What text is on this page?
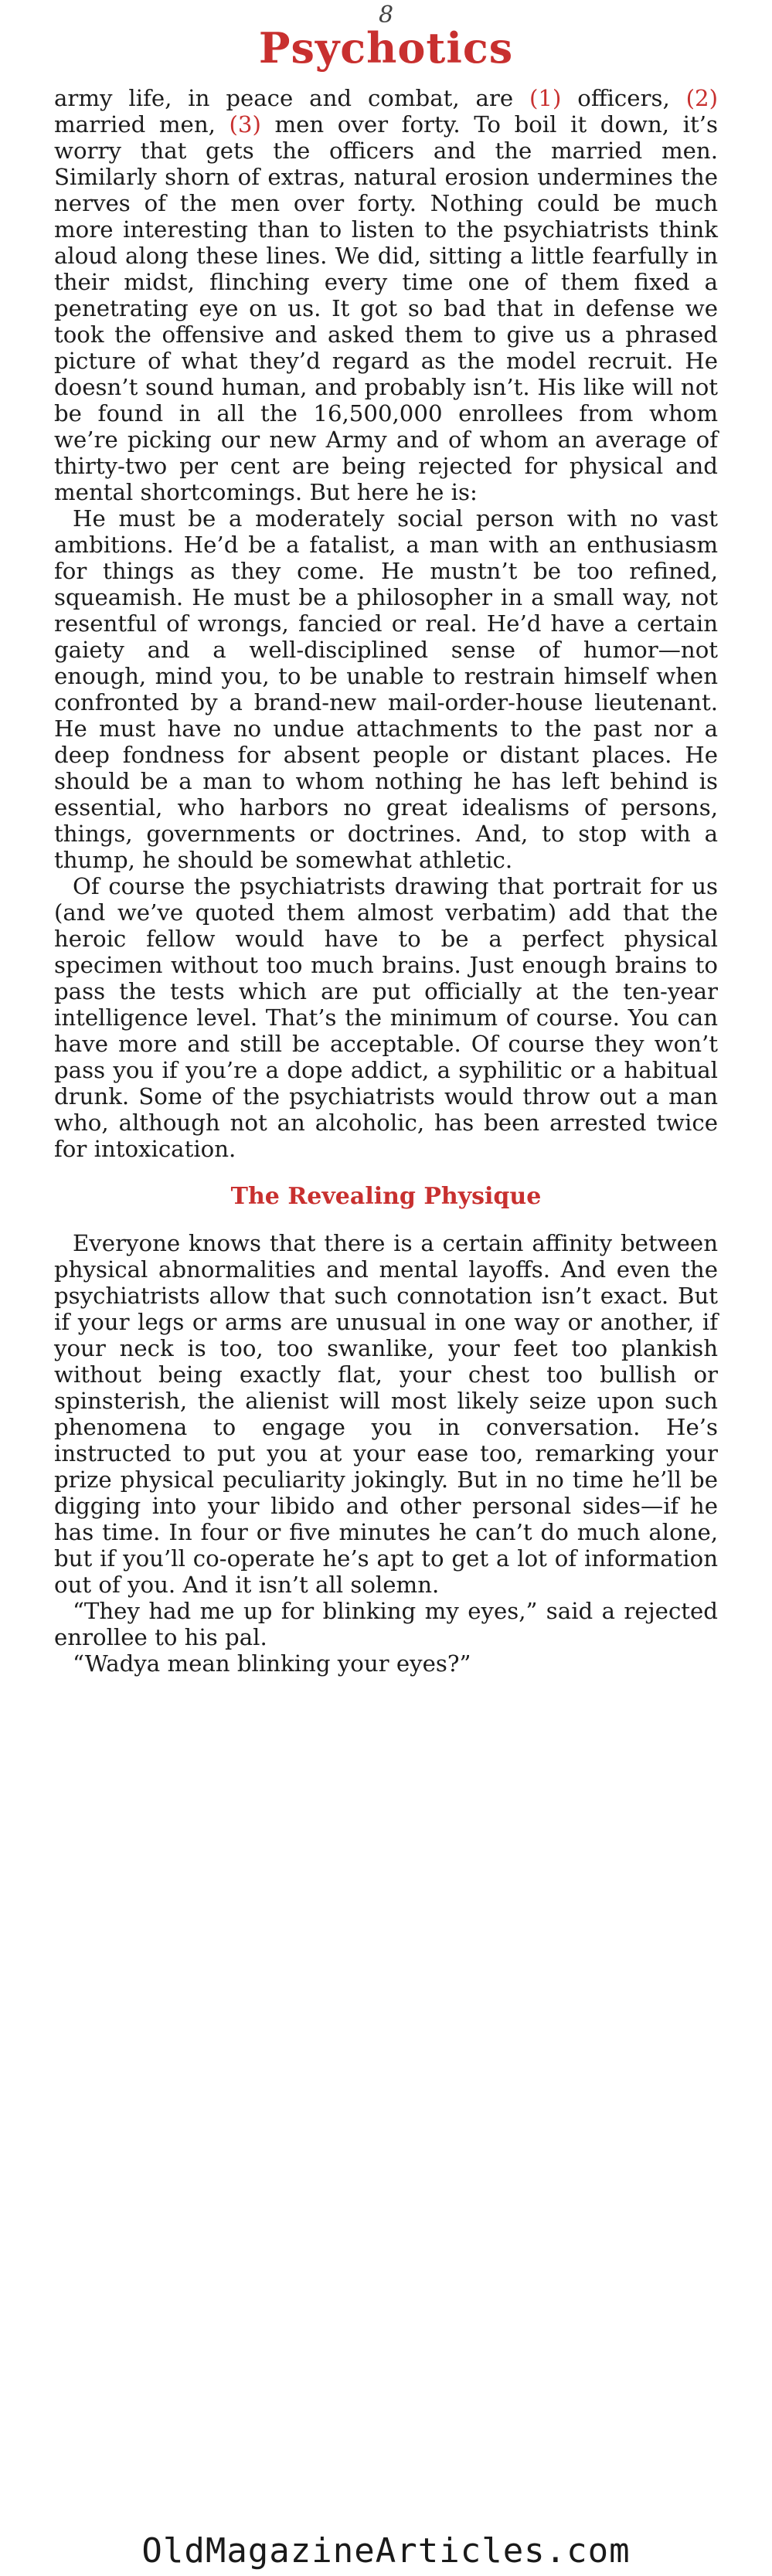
8
Psychotics

army life, in peace and combat, are (1) officers, (2) married men, (3) men over forty. To boil it down, it’s worry that gets the officers and the married men. Similarly shorn of extras, natural erosion undermines the nerves of the men over forty. Nothing could be much more interesting than to listen to the psychiatrists think aloud along these lines. We did, sitting a little fearfully in their midst, flinching every time one of them fixed a penetrating eye on us. It got so bad that in defense we took the offensive and asked them to give us a phrased picture of what they’d regard as the model recruit. He doesn’t sound human, and probably isn’t. His like will not be found in all the 16,500,000 enrollees from whom we’re picking our new Army and of whom an average of thirty-two per cent are being rejected for physical and mental shortcomings. But here he is:

He must be a moderately social person with no vast ambitions. He’d be a fatalist, a man with an enthusiasm for things as they come. He mustn’t be too refined, squeamish. He must be a philosopher in a small way, not resentful of wrongs, fancied or real. He’d have a certain gaiety and a well-disciplined sense of humor—not enough, mind you, to be unable to restrain himself when confronted by a brand-new mail-order-house lieutenant. He must have no undue attachments to the past nor a deep fondness for absent people or distant places. He should be a man to whom nothing he has left behind is essential, who harbors no great idealisms of persons, things, governments or doctrines. And, to stop with a thump, he should be somewhat athletic.

Of course the psychiatrists drawing that portrait for us (and we’ve quoted them almost verbatim) add that the heroic fellow would have to be a perfect physical specimen without too much brains. Just enough brains to pass the tests which are put officially at the ten-year intelligence level. That’s the minimum of course. You can have more and still be acceptable. Of course they won’t pass you if you’re a dope addict, a syphilitic or a habitual drunk. Some of the psychiatrists would throw out a man who, although not an alcoholic, has been arrested twice for intoxication.

The Revealing Physique

Everyone knows that there is a certain affinity between physical abnormalities and mental layoffs. And even the psychiatrists allow that such connotation isn’t exact. But if your legs or arms are unusual in one way or another, if your neck is too, too swanlike, your feet too plankish without being exactly flat, your chest too bullish or spinsterish, the alienist will most likely seize upon such phenomena to engage you in conversation. He’s instructed to put you at your ease too, remarking your prize physical peculiarity jokingly. But in no time he’ll be digging into your libido and other personal sides—if he has time. In four or five minutes he can’t do much alone, but if you’ll co-operate he’s apt to get a lot of information out of you. And it isn’t all solemn.

“They had me up for blinking my eyes,” said a rejected enrollee to his pal.

“Wadya mean blinking your eyes?”

OldMagazineArticles.com
